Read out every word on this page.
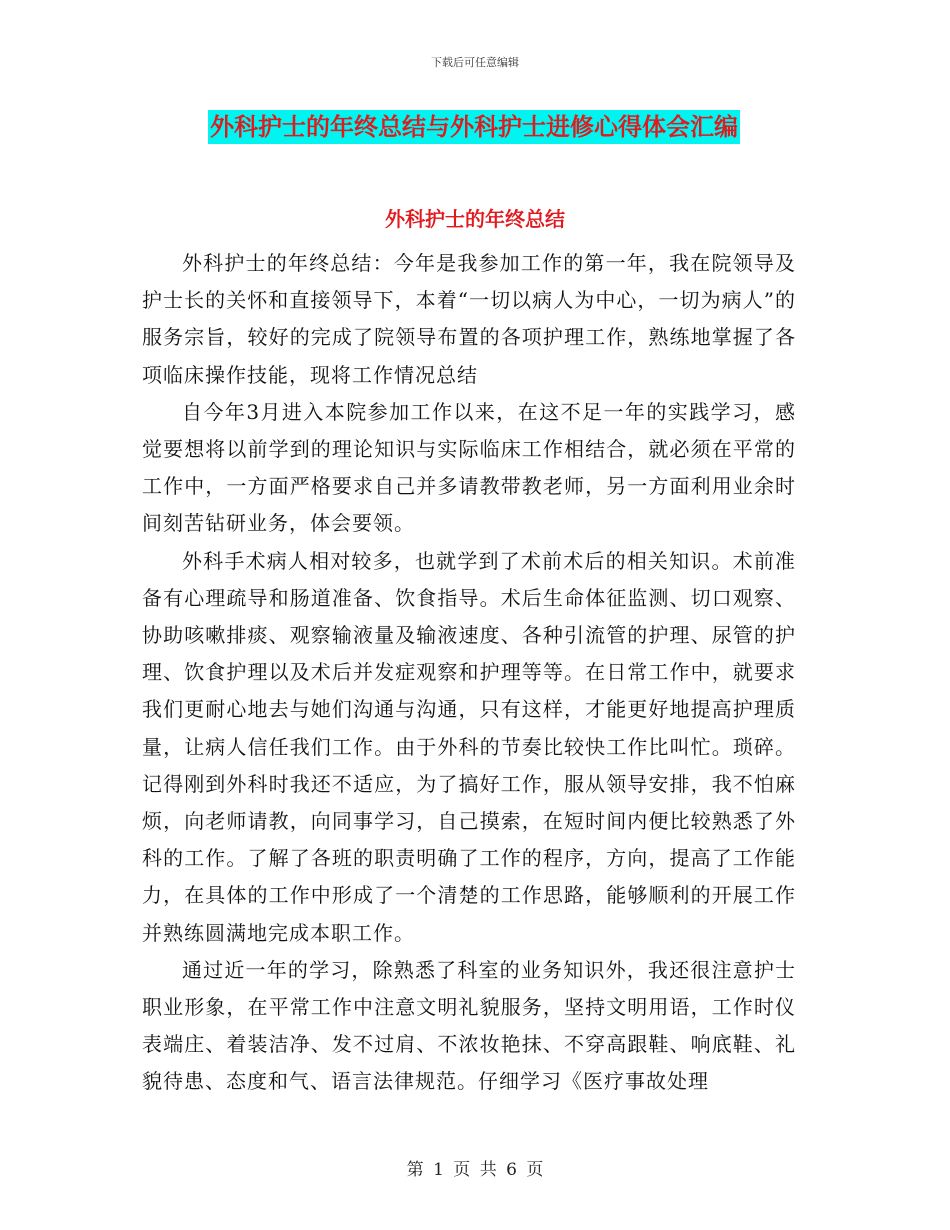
下载后可任意编辑
外科护士的年终总结与外科护士进修心得体会汇编
外科护士的年终总结

外科护士的年终总结：今年是我参加工作的第一年，我在院领导及护士长的关怀和直接领导下，本着“一切以病人为中心，一切为病人”的服务宗旨，较好的完成了院领导布置的各项护理工作，熟练地掌握了各项临床操作技能，现将工作情况总结

自今年3月进入本院参加工作以来，在这不足一年的实践学习，感觉要想将以前学到的理论知识与实际临床工作相结合，就必须在平常的工作中，一方面严格要求自己并多请教带教老师，另一方面利用业余时间刻苦钻研业务，体会要领。

外科手术病人相对较多，也就学到了术前术后的相关知识。术前准备有心理疏导和肠道准备、饮食指导。术后生命体征监测、切口观察、协助咳嗽排痰、观察输液量及输液速度、各种引流管的护理、尿管的护理、饮食护理以及术后并发症观察和护理等等。在日常工作中，就要求我们更耐心地去与她们沟通与沟通，只有这样，才能更好地提高护理质量，让病人信任我们工作。由于外科的节奏比较快工作比叫忙。琐碎。记得刚到外科时我还不适应，为了搞好工作，服从领导安排，我不怕麻烦，向老师请教，向同事学习，自己摸索，在短时间内便比较熟悉了外科的工作。了解了各班的职责明确了工作的程序，方向，提高了工作能力，在具体的工作中形成了一个清楚的工作思路，能够顺利的开展工作并熟练圆满地完成本职工作。

通过近一年的学习，除熟悉了科室的业务知识外，我还很注意护士职业形象，在平常工作中注意文明礼貌服务，坚持文明用语，工作时仪表端庄、着装洁净、发不过肩、不浓妆艳抹、不穿高跟鞋、响底鞋、礼貌待患、态度和气、语言法律规范。仔细学习《医疗事故处理

第 1 页 共 6 页
